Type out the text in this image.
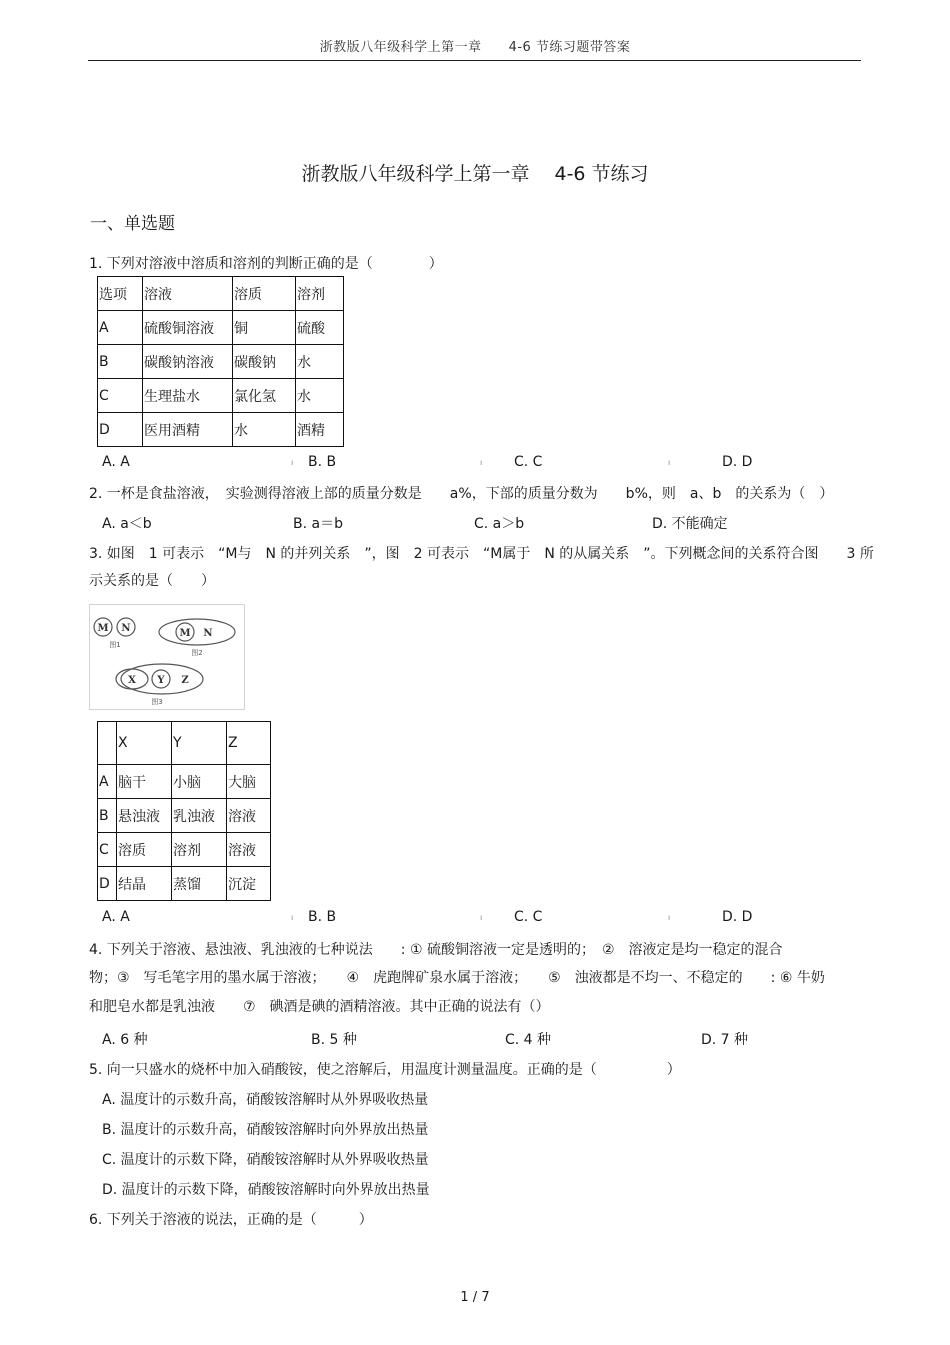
浙教版八年级科学上第一章　　4-6 节练习题带答案
浙教版八年级科学上第一章　 4-6 节练习
一、单选题
1. 下列对溶液中溶质和溶剂的判断正确的是（　　　　）
选项	溶液	溶质	溶剂
A	硫酸铜溶液	铜	硫酸
B	碳酸钠溶液	碳酸钠	水
C	生理盐水	氯化氢	水
D	医用酒精	水	酒精
A. A	ı B. B	ı C. C	ı	D. D
2. 一杯是食盐溶液，　实验测得溶液上部的质量分数是　　a%，下部的质量分数为　　b%，则　a、b　的关系为（　）
A. a＜b	B. a＝b	C. a＞b	D. 不能确定
3. 如图　1 可表示　“M与　N 的并列关系　”，图　2 可表示　“M属于　N 的从属关系　”。下列概念间的关系符合图　　3 所
示关系的是（　　）
M N
图1
M N
图2
X Y Z
图3
	X	Y	Z
A	脑干	小脑	大脑
B	悬浊液	乳浊液	溶液
C	溶质	溶剂	溶液
D	结晶	蒸馏	沉淀
A. A	ı B. B	ı C. C	ı	D. D
4. 下列关于溶液、悬浊液、乳浊液的七种说法　　: ① 硫酸铜溶液一定是透明的；　②　溶液定是均一稳定的混合
物；③　写毛笔字用的墨水属于溶液；　　④　虎跑牌矿泉水属于溶液；　　⑤　浊液都是不均一、不稳定的　　: ⑥ 牛奶
和肥皂水都是乳浊液　　⑦　碘酒是碘的酒精溶液。其中正确的说法有（）
A. 6 种	B. 5 种	C. 4 种	D. 7 种
5. 向一只盛水的烧杯中加入硝酸铵，使之溶解后，用温度计测量温度。正确的是（　　　　　）
A. 温度计的示数升高，硝酸铵溶解时从外界吸收热量
B. 温度计的示数升高，硝酸铵溶解时向外界放出热量
C. 温度计的示数下降，硝酸铵溶解时从外界吸收热量
D. 温度计的示数下降，硝酸铵溶解时向外界放出热量
6. 下列关于溶液的说法，正确的是（　　　）
1 / 7
